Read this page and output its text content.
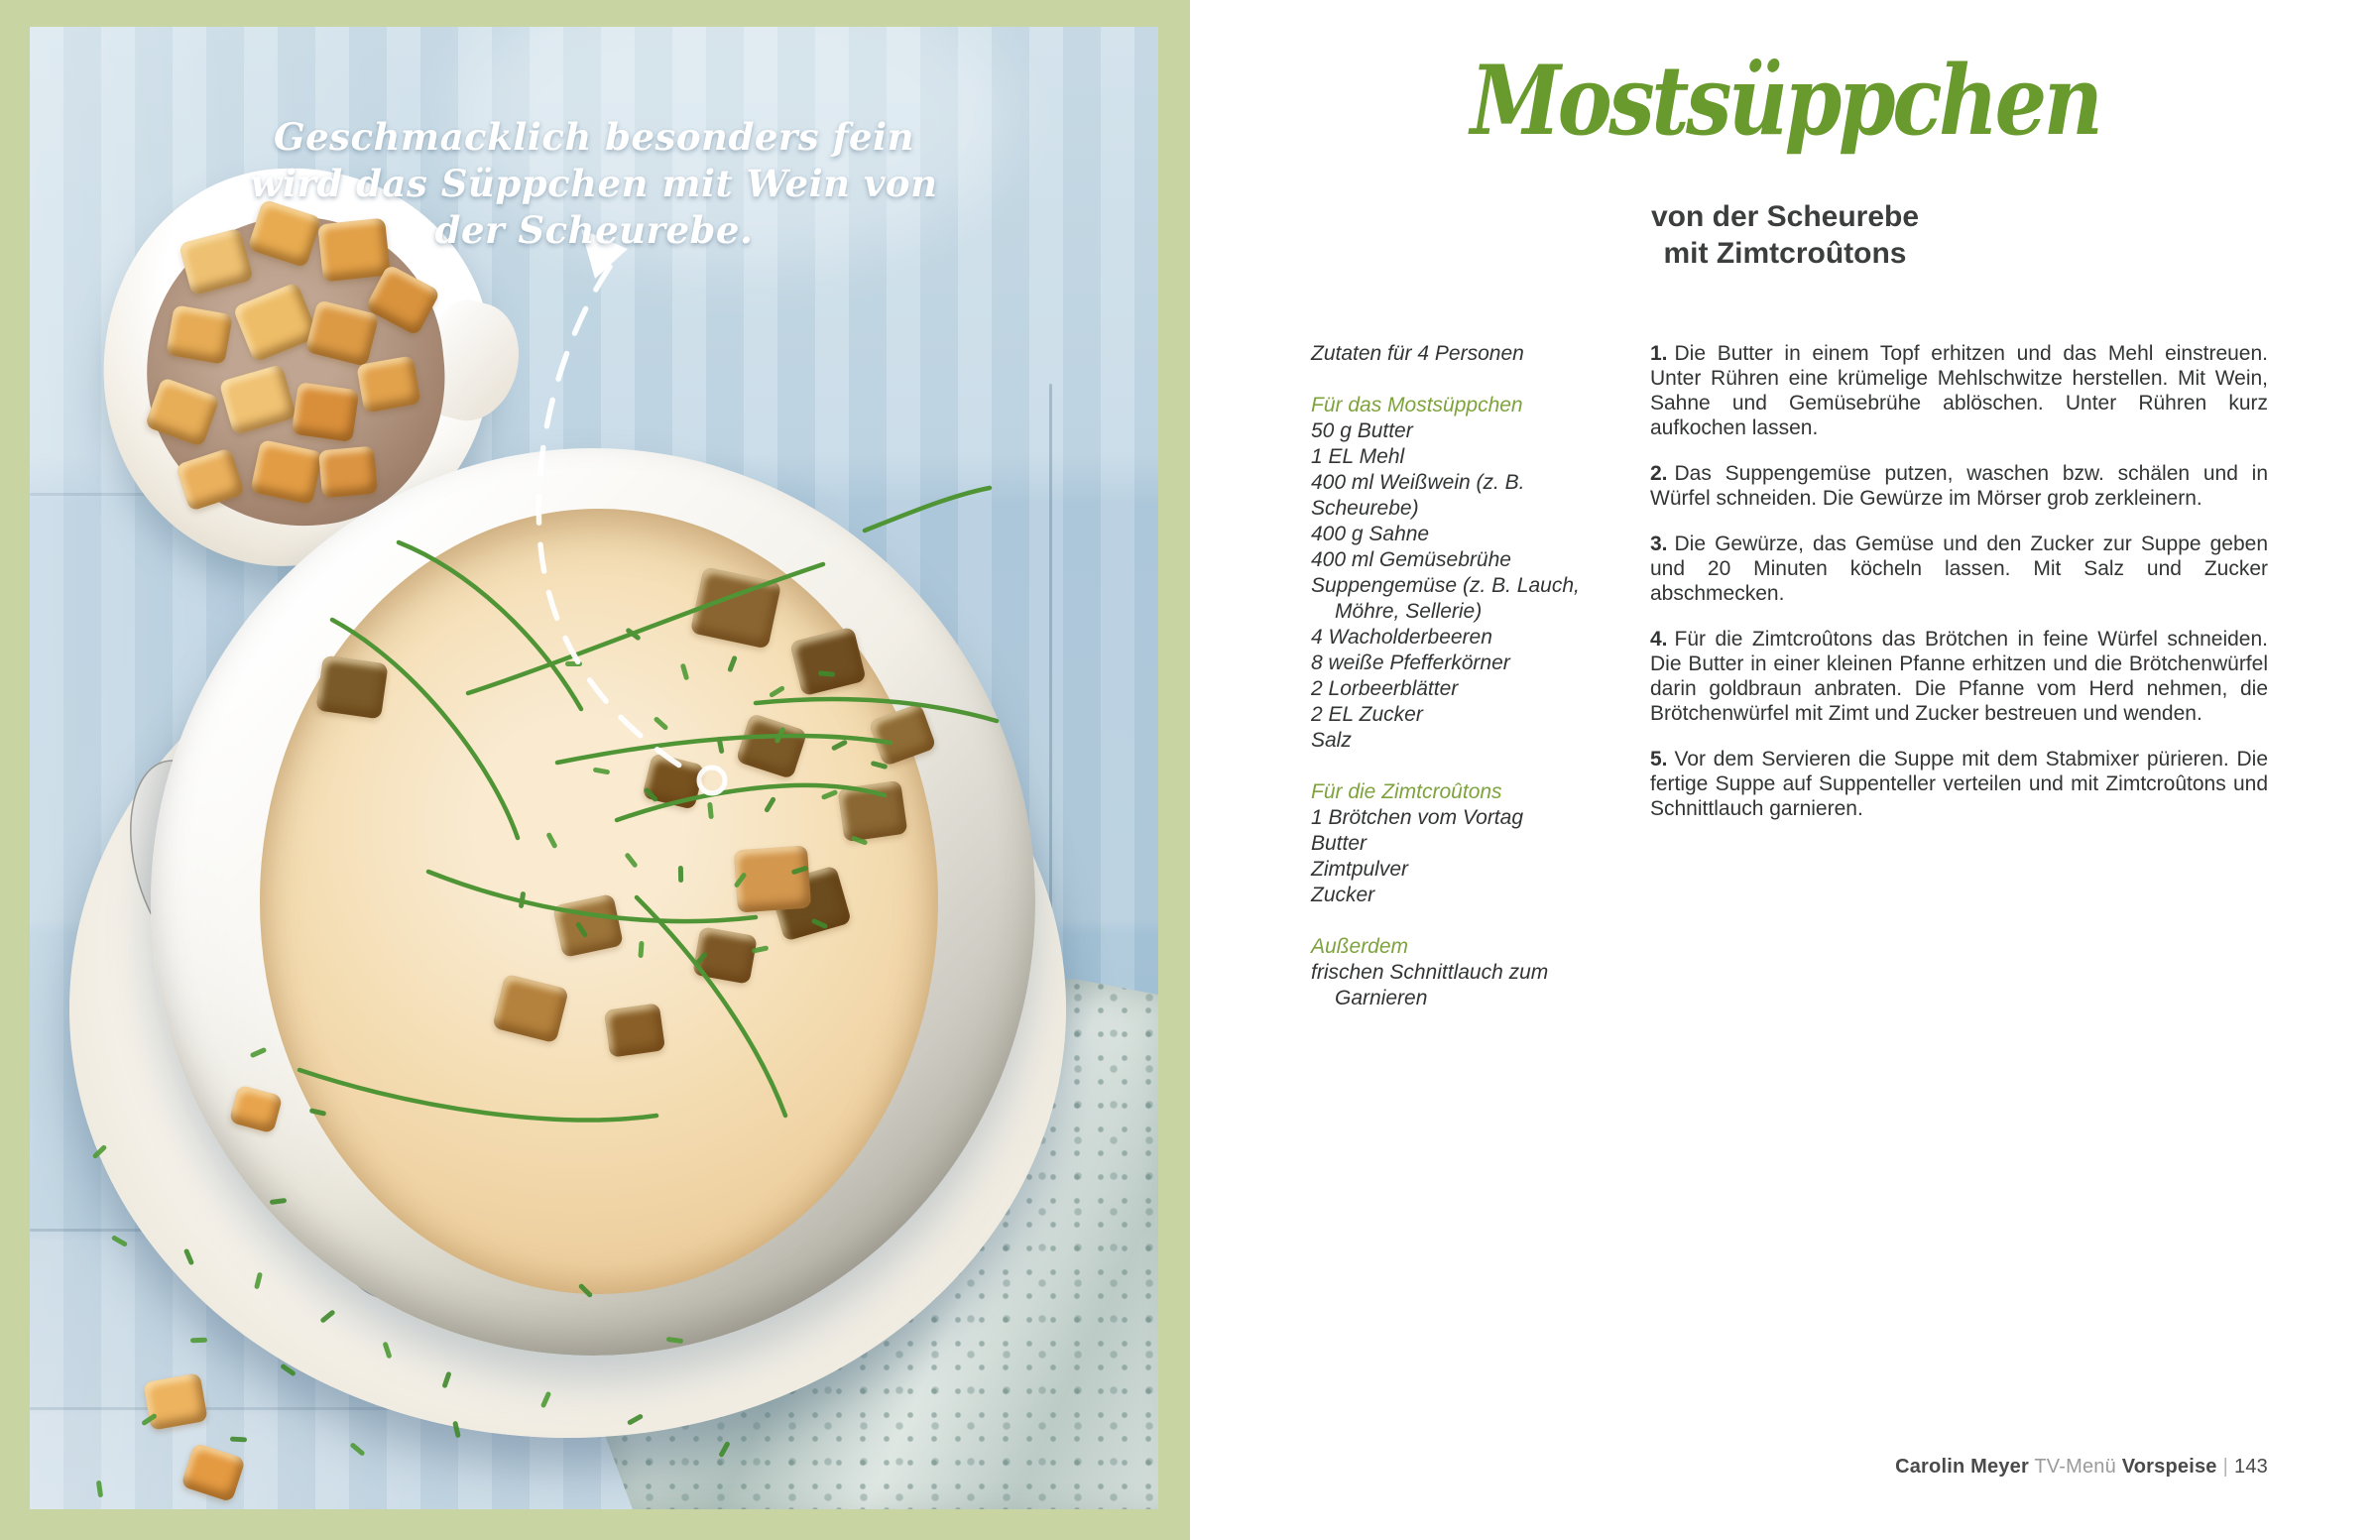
Geschmacklich besonders fein
wird das Süppchen mit Wein von
der Scheurebe.
Mostsüppchen
von der Scheurebe
mit Zimtcroûtons
Zutaten für 4 Personen
Für das Mostsüppchen
50 g Butter
1 EL Mehl
400 ml Weißwein (z. B. Scheurebe)
400 g Sahne
400 ml Gemüsebrühe
Suppengemüse (z. B. Lauch,
Möhre, Sellerie)
4 Wacholderbeeren
8 weiße Pfefferkörner
2 Lorbeerblätter
2 EL Zucker
Salz
Für die Zimtcroûtons
1 Brötchen vom Vortag
Butter
Zimtpulver
Zucker
Außerdem
frischen Schnittlauch zum
Garnieren

1. Die Butter in einem Topf erhitzen und das Mehl einstreuen. Unter Rühren eine krümelige Mehlschwitze herstellen. Mit Wein, Sahne und Gemüsebrühe ablöschen. Unter Rühren kurz aufkochen lassen.

2. Das Suppengemüse putzen, waschen bzw. schälen und in Würfel schneiden. Die Gewürze im Mörser grob zerkleinern.

3. Die Gewürze, das Gemüse und den Zucker zur Suppe geben und 20 Minuten köcheln lassen. Mit Salz und Zucker abschmecken.

4. Für die Zimtcroûtons das Brötchen in feine Würfel schneiden. Die Butter in einer kleinen Pfanne erhitzen und die Brötchenwürfel darin goldbraun anbraten. Die Pfanne vom Herd nehmen, die Brötchenwürfel mit Zimt und Zucker bestreuen und wenden.

5. Vor dem Servieren die Suppe mit dem Stabmixer pürieren. Die fertige Suppe auf Suppenteller verteilen und mit Zimtcroûtons und Schnittlauch garnieren.

Carolin Meyer TV-Menü Vorspeise | 143
